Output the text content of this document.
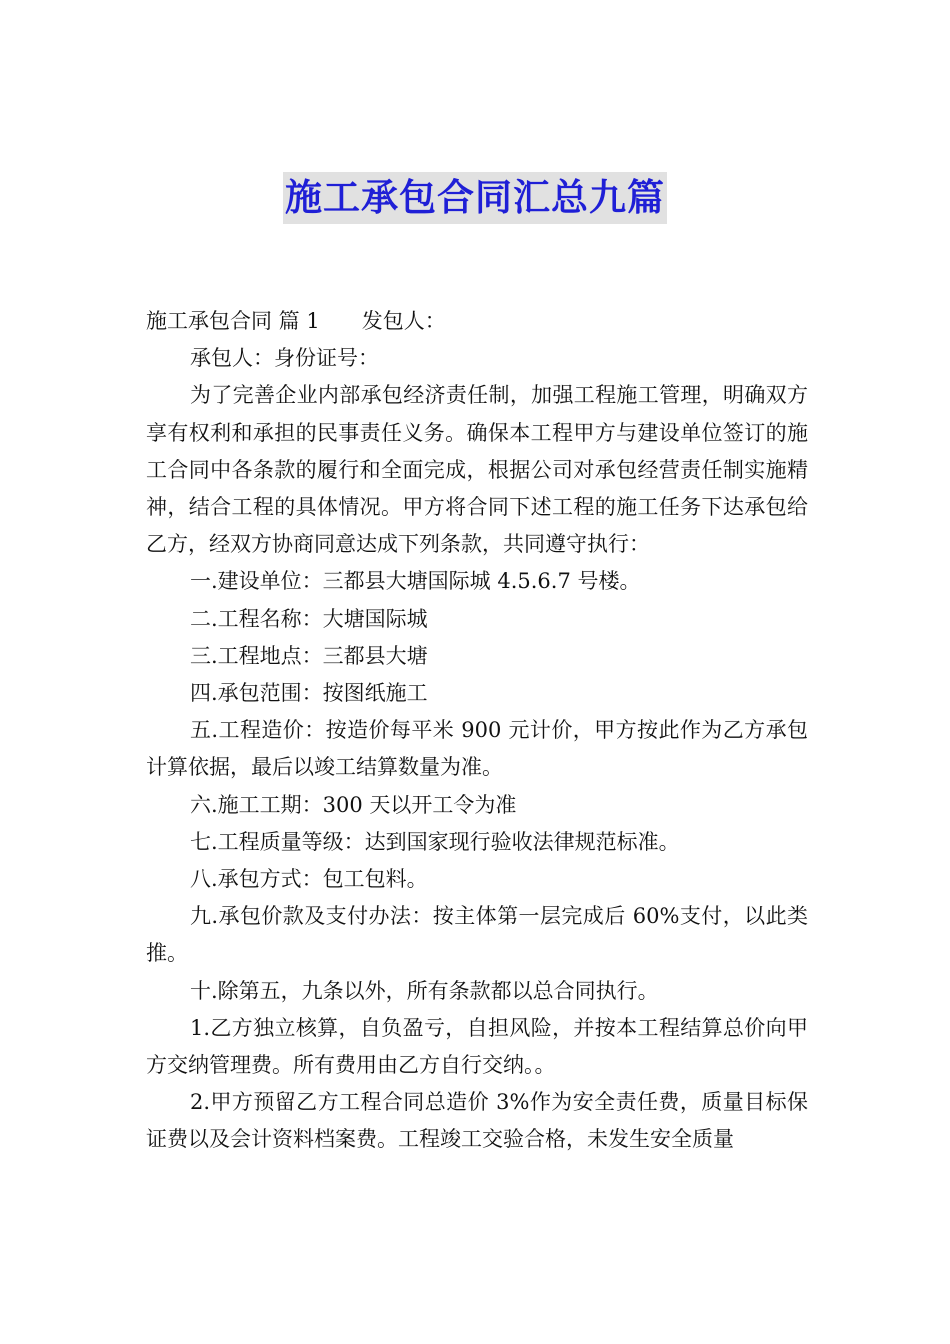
施工承包合同汇总九篇

施工承包合同 篇 1 发包人：

承包人：身份证号：

为了完善企业内部承包经济责任制，加强工程施工管理，明确双方享有权利和承担的民事责任义务。确保本工程甲方与建设单位签订的施工合同中各条款的履行和全面完成，根据公司对承包经营责任制实施精神，结合工程的具体情况。甲方将合同下述工程的施工任务下达承包给乙方，经双方协商同意达成下列条款，共同遵守执行：

一.建设单位：三都县大塘国际城 4.5.6.7 号楼。

二.工程名称：大塘国际城

三.工程地点：三都县大塘

四.承包范围：按图纸施工

五.工程造价：按造价每平米 900 元计价，甲方按此作为乙方承包计算依据，最后以竣工结算数量为准。

六.施工工期：300 天以开工令为准

七.工程质量等级：达到国家现行验收法律规范标准。

八.承包方式：包工包料。

九.承包价款及支付办法：按主体第一层完成后 60%支付，以此类推。

十.除第五，九条以外，所有条款都以总合同执行。

1.乙方独立核算，自负盈亏，自担风险，并按本工程结算总价向甲方交纳管理费。所有费用由乙方自行交纳。。

2.甲方预留乙方工程合同总造价 3%作为安全责任费，质量目标保证费以及会计资料档案费。工程竣工交验合格，未发生安全质量
